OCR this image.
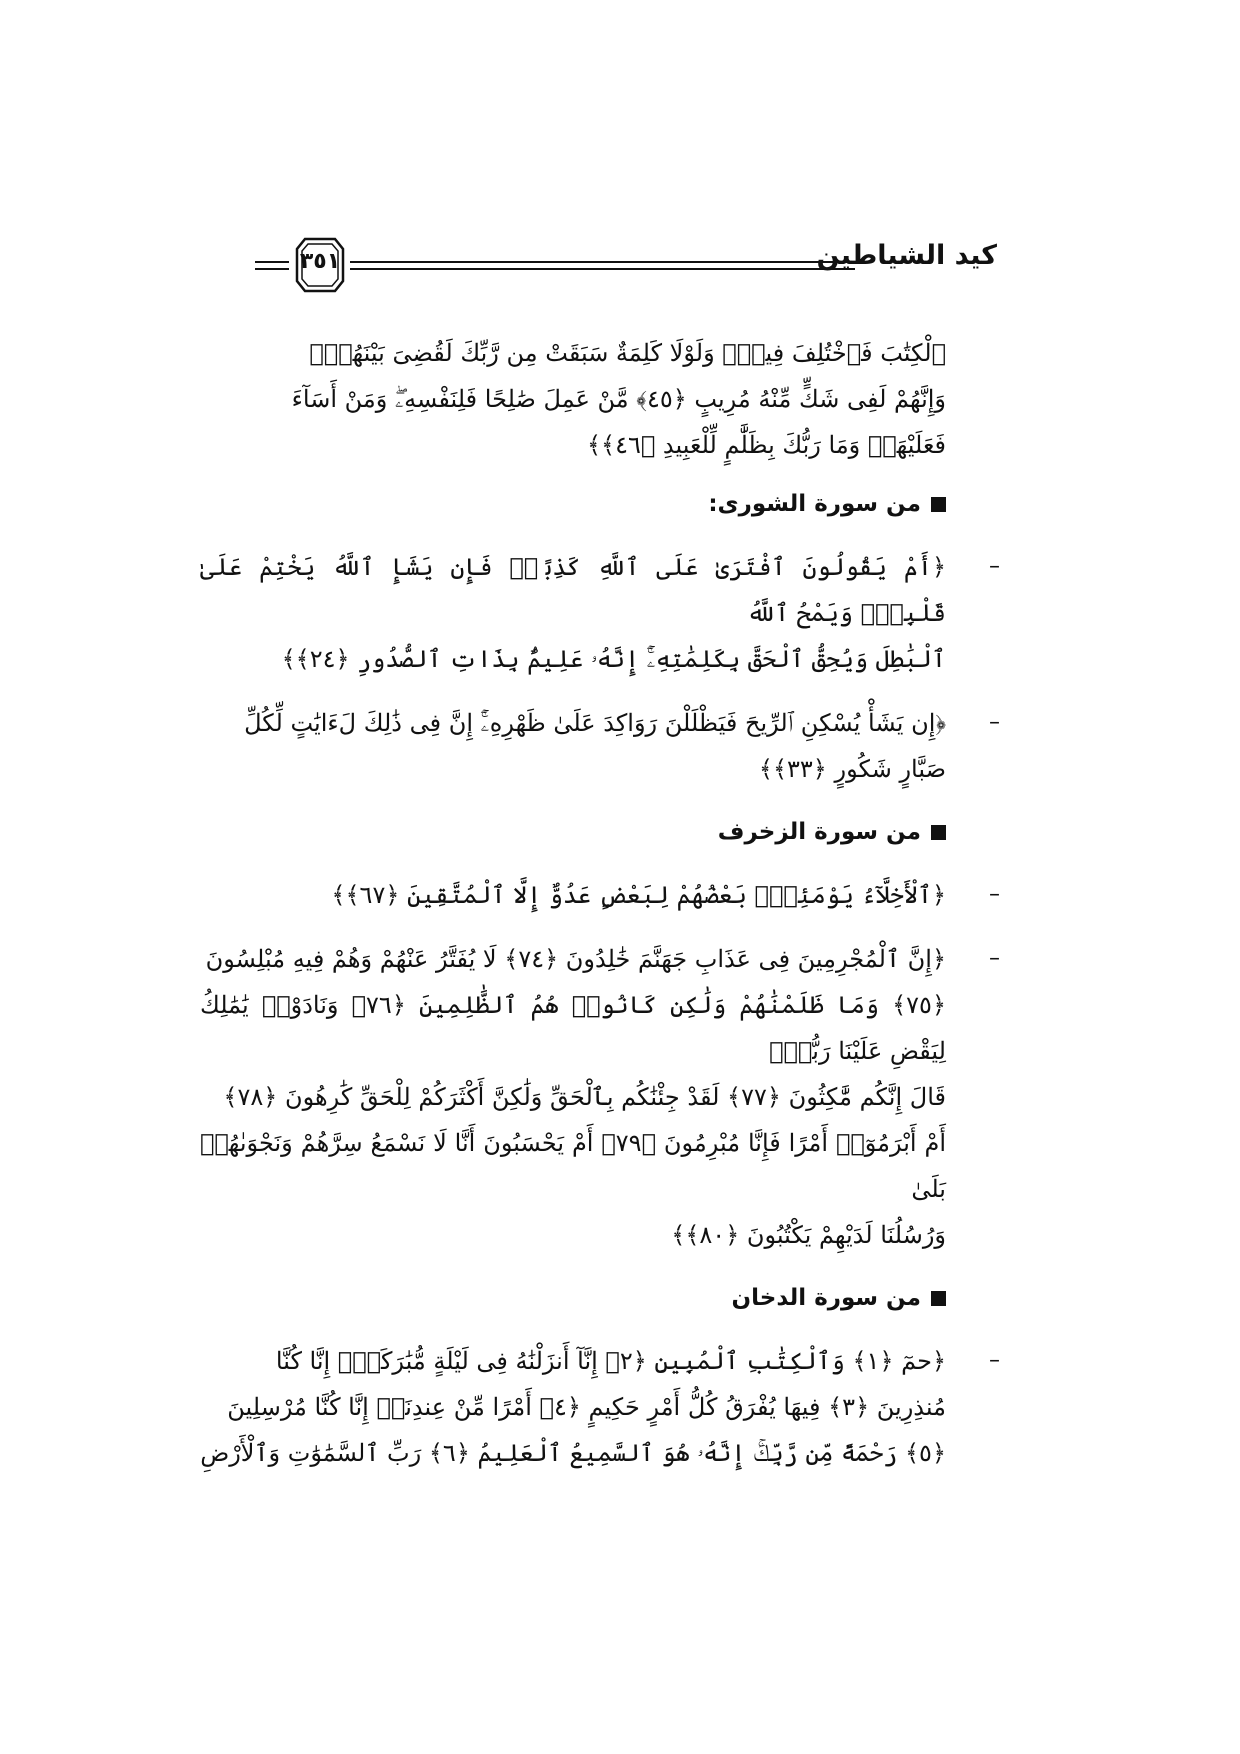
٣٥١	كيد الشياطين
ٱلْكِتَٰبَ فَٱخْتُلِفَ فِيهِۗ وَلَوْلَا كَلِمَةٌ سَبَقَتْ مِن رَّبِّكَ لَقُضِىَ بَيْنَهُمْۚ
وَإِنَّهُمْ لَفِى شَكٍّ مِّنْهُ مُرِيبٍ ﴿٤٥﴾ مَّنْ عَمِلَ صَٰلِحًا فَلِنَفْسِهِۦۖ وَمَنْ أَسَآءَ
فَعَلَيْهَاۗ وَمَا رَبُّكَ بِظَلَّٰمٍ لِّلْعَبِيدِ ﴿٤٦﴾﴾
من سورة الشورى:
–
﴿أَمْ يَقُولُونَ ٱفْتَرَىٰ عَلَى ٱللَّهِ كَذِبًاۖ فَإِن يَشَإِ ٱللَّهُ يَخْتِمْ عَلَىٰ قَلْبِكَۗ وَيَمْحُ ٱللَّهُ
ٱلْبَٰطِلَ وَيُحِقُّ ٱلْحَقَّ بِكَلِمَٰتِهِۦٓۚ إِنَّهُۥ عَلِيمٌۢ بِذَاتِ ٱلصُّدُورِ ﴿٢٤﴾﴾
–
﴿إِن يَشَأْ يُسْكِنِ ٱلرِّيحَ فَيَظْلَلْنَ رَوَاكِدَ عَلَىٰ ظَهْرِهِۦٓۚ إِنَّ فِى ذَٰلِكَ لَءَايَٰتٍ لِّكُلِّ
صَبَّارٍ شَكُورٍ ﴿٣٣﴾﴾
من سورة الزخرف
–
﴿ٱلْأَخِلَّآءُ يَوْمَئِذٍۭ بَعْضُهُمْ لِبَعْضٍ عَدُوٌّ إِلَّا ٱلْمُتَّقِينَ ﴿٦٧﴾﴾
–
﴿إِنَّ ٱلْمُجْرِمِينَ فِى عَذَابِ جَهَنَّمَ خَٰلِدُونَ ﴿٧٤﴾ لَا يُفَتَّرُ عَنْهُمْ وَهُمْ فِيهِ مُبْلِسُونَ
﴿٧٥﴾ وَمَا ظَلَمْنَٰهُمْ وَلَٰكِن كَانُوا۟ هُمُ ٱلظَّٰلِمِينَ ﴿٧٦﴾ وَنَادَوْا۟ يَٰمَٰلِكُ لِيَقْضِ عَلَيْنَا رَبُّكَۖ
قَالَ إِنَّكُم مَّٰكِثُونَ ﴿٧٧﴾ لَقَدْ جِئْنَٰكُم بِٱلْحَقِّ وَلَٰكِنَّ أَكْثَرَكُمْ لِلْحَقِّ كَٰرِهُونَ ﴿٧٨﴾
أَمْ أَبْرَمُوٓا۟ أَمْرًا فَإِنَّا مُبْرِمُونَ ﴿٧٩﴾ أَمْ يَحْسَبُونَ أَنَّا لَا نَسْمَعُ سِرَّهُمْ وَنَجْوَىٰهُمۚ بَلَىٰ
وَرُسُلُنَا لَدَيْهِمْ يَكْتُبُونَ ﴿٨٠﴾﴾
من سورة الدخان
–
﴿حمٓ ﴿١﴾ وَٱلْكِتَٰبِ ٱلْمُبِينِ ﴿٢﴾ إِنَّآ أَنزَلْنَٰهُ فِى لَيْلَةٍ مُّبَٰرَكَةٍۚ إِنَّا كُنَّا
مُنذِرِينَ ﴿٣﴾ فِيهَا يُفْرَقُ كُلُّ أَمْرٍ حَكِيمٍ ﴿٤﴾ أَمْرًا مِّنْ عِندِنَآۚ إِنَّا كُنَّا مُرْسِلِينَ
﴿٥﴾ رَحْمَةً مِّن رَّبِّكَۚ إِنَّهُۥ هُوَ ٱلسَّمِيعُ ٱلْعَلِيمُ ﴿٦﴾ رَبِّ ٱلسَّمَٰوَٰتِ وَٱلْأَرْضِ
